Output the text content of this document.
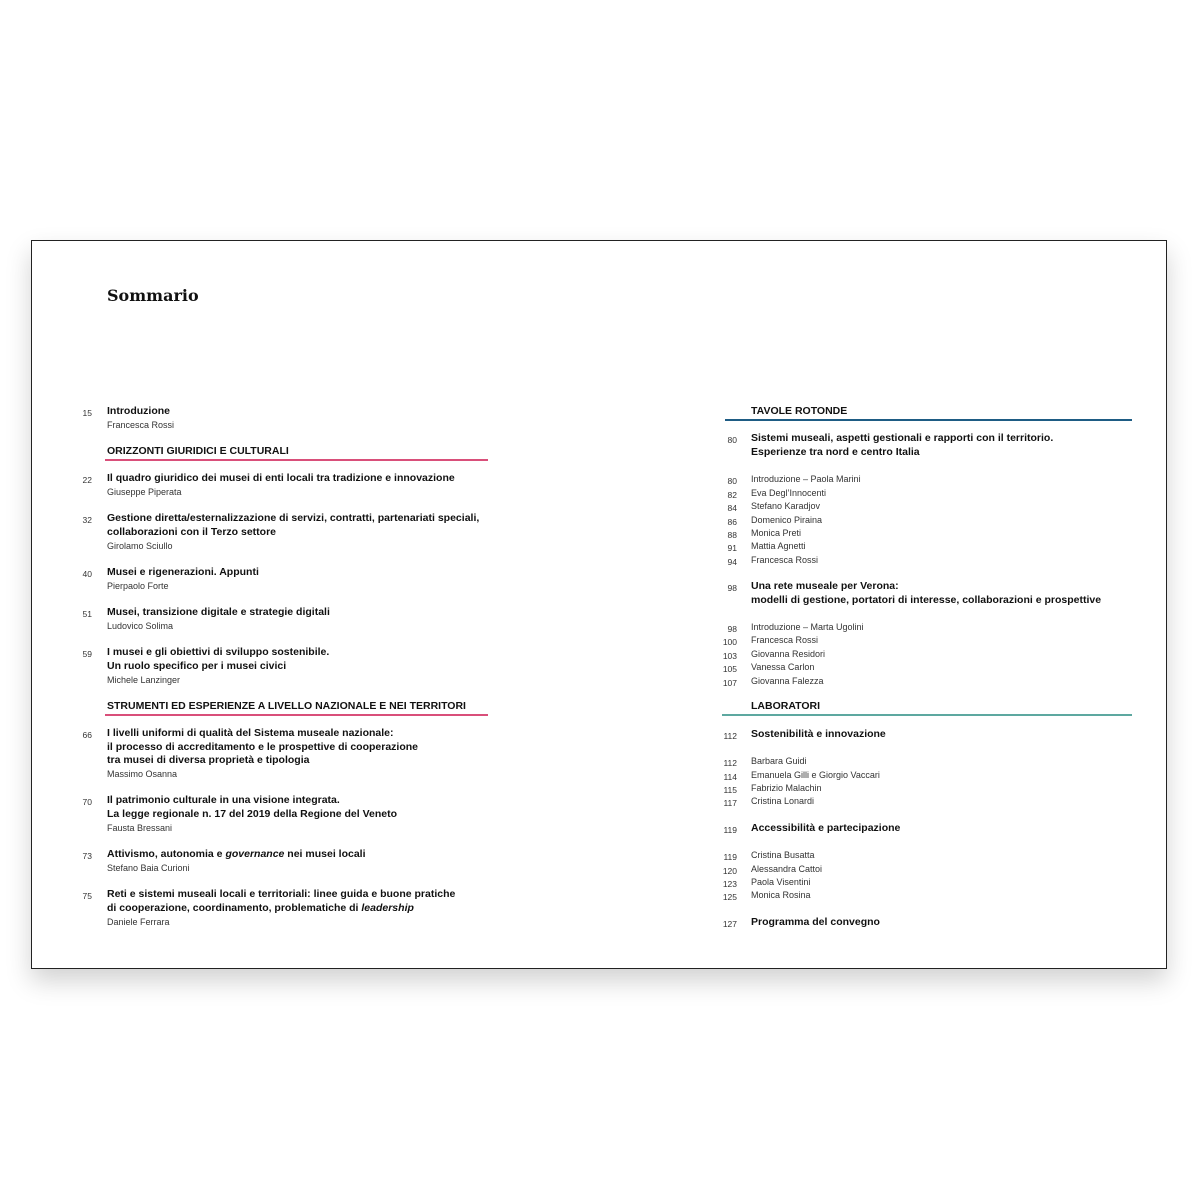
Sommario
15 Introduzione
Francesca Rossi
ORIZZONTI GIURIDICI E CULTURALI
22 Il quadro giuridico dei musei di enti locali tra tradizione e innovazione
Giuseppe Piperata
32 Gestione diretta/esternalizzazione di servizi, contratti, partenariati speciali,
collaborazioni con il Terzo settore
Girolamo Sciullo
40 Musei e rigenerazioni. Appunti
Pierpaolo Forte
51 Musei, transizione digitale e strategie digitali
Ludovico Solima
59 I musei e gli obiettivi di sviluppo sostenibile.
Un ruolo specifico per i musei civici
Michele Lanzinger
STRUMENTI ED ESPERIENZE A LIVELLO NAZIONALE E NEI TERRITORI
66 I livelli uniformi di qualità del Sistema museale nazionale:
il processo di accreditamento e le prospettive di cooperazione
tra musei di diversa proprietà e tipologia
Massimo Osanna
70 Il patrimonio culturale in una visione integrata.
La legge regionale n. 17 del 2019 della Regione del Veneto
Fausta Bressani
73 Attivismo, autonomia e governance nei musei locali
Stefano Baia Curioni
75 Reti e sistemi museali locali e territoriali: linee guida e buone pratiche
di cooperazione, coordinamento, problematiche di leadership
Daniele Ferrara
TAVOLE ROTONDE
80 Sistemi museali, aspetti gestionali e rapporti con il territorio.
Esperienze tra nord e centro Italia
80 Introduzione – Paola Marini
82 Eva Degl’Innocenti
84 Stefano Karadjov
86 Domenico Piraina
88 Monica Preti
91 Mattia Agnetti
94 Francesca Rossi
98 Una rete museale per Verona:
modelli di gestione, portatori di interesse, collaborazioni e prospettive
98 Introduzione – Marta Ugolini
100 Francesca Rossi
103 Giovanna Residori
105 Vanessa Carlon
107 Giovanna Falezza
LABORATORI
112 Sostenibilità e innovazione
112 Barbara Guidi
114 Emanuela Gilli e Giorgio Vaccari
115 Fabrizio Malachin
117 Cristina Lonardi
119 Accessibilità e partecipazione
119 Cristina Busatta
120 Alessandra Cattoi
123 Paola Visentini
125 Monica Rosina
127 Programma del convegno
